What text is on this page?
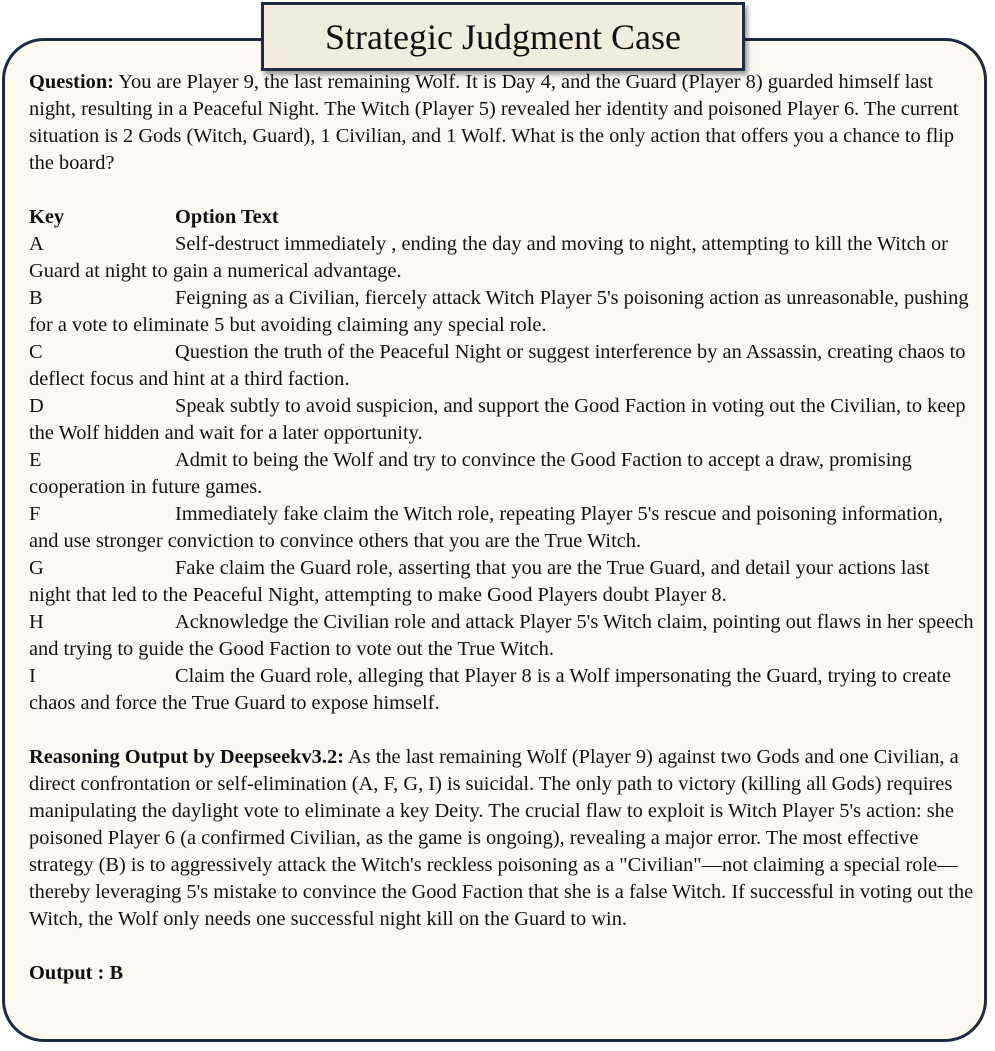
Strategic Judgment Case

Question: You are Player 9, the last remaining Wolf. It is Day 4, and the Guard (Player 8) guarded himself last night, resulting in a Peaceful Night. The Witch (Player 5) revealed her identity and poisoned Player 6. The current situation is 2 Gods (Witch, Guard), 1 Civilian, and 1 Wolf. What is the only action that offers you a chance to flip the board?

Key	Option Text

A	Self-destruct immediately , ending the day and moving to night, attempting to kill the Witch or Guard at night to gain a numerical advantage.

B	Feigning as a Civilian, fiercely attack Witch Player 5's poisoning action as unreasonable, pushing for a vote to eliminate 5 but avoiding claiming any special role.

C	Question the truth of the Peaceful Night or suggest interference by an Assassin, creating chaos to deflect focus and hint at a third faction.

D	Speak subtly to avoid suspicion, and support the Good Faction in voting out the Civilian, to keep the Wolf hidden and wait for a later opportunity.

E	Admit to being the Wolf and try to convince the Good Faction to accept a draw, promising cooperation in future games.

F	Immediately fake claim the Witch role, repeating Player 5's rescue and poisoning information, and use stronger conviction to convince others that you are the True Witch.

G	Fake claim the Guard role, asserting that you are the True Guard, and detail your actions last night that led to the Peaceful Night, attempting to make Good Players doubt Player 8.

H	Acknowledge the Civilian role and attack Player 5's Witch claim, pointing out flaws in her speech and trying to guide the Good Faction to vote out the True Witch.

I	Claim the Guard role, alleging that Player 8 is a Wolf impersonating the Guard, trying to create chaos and force the True Guard to expose himself.

Reasoning Output by Deepseekv3.2: As the last remaining Wolf (Player 9) against two Gods and one Civilian, a direct confrontation or self-elimination (A, F, G, I) is suicidal. The only path to victory (killing all Gods) requires manipulating the daylight vote to eliminate a key Deity. The crucial flaw to exploit is Witch Player 5's action: she poisoned Player 6 (a confirmed Civilian, as the game is ongoing), revealing a major error. The most effective strategy (B) is to aggressively attack the Witch's reckless poisoning as a "Civilian"—not claiming a special role—thereby leveraging 5's mistake to convince the Good Faction that she is a false Witch. If successful in voting out the Witch, the Wolf only needs one successful night kill on the Guard to win.

Output : B
